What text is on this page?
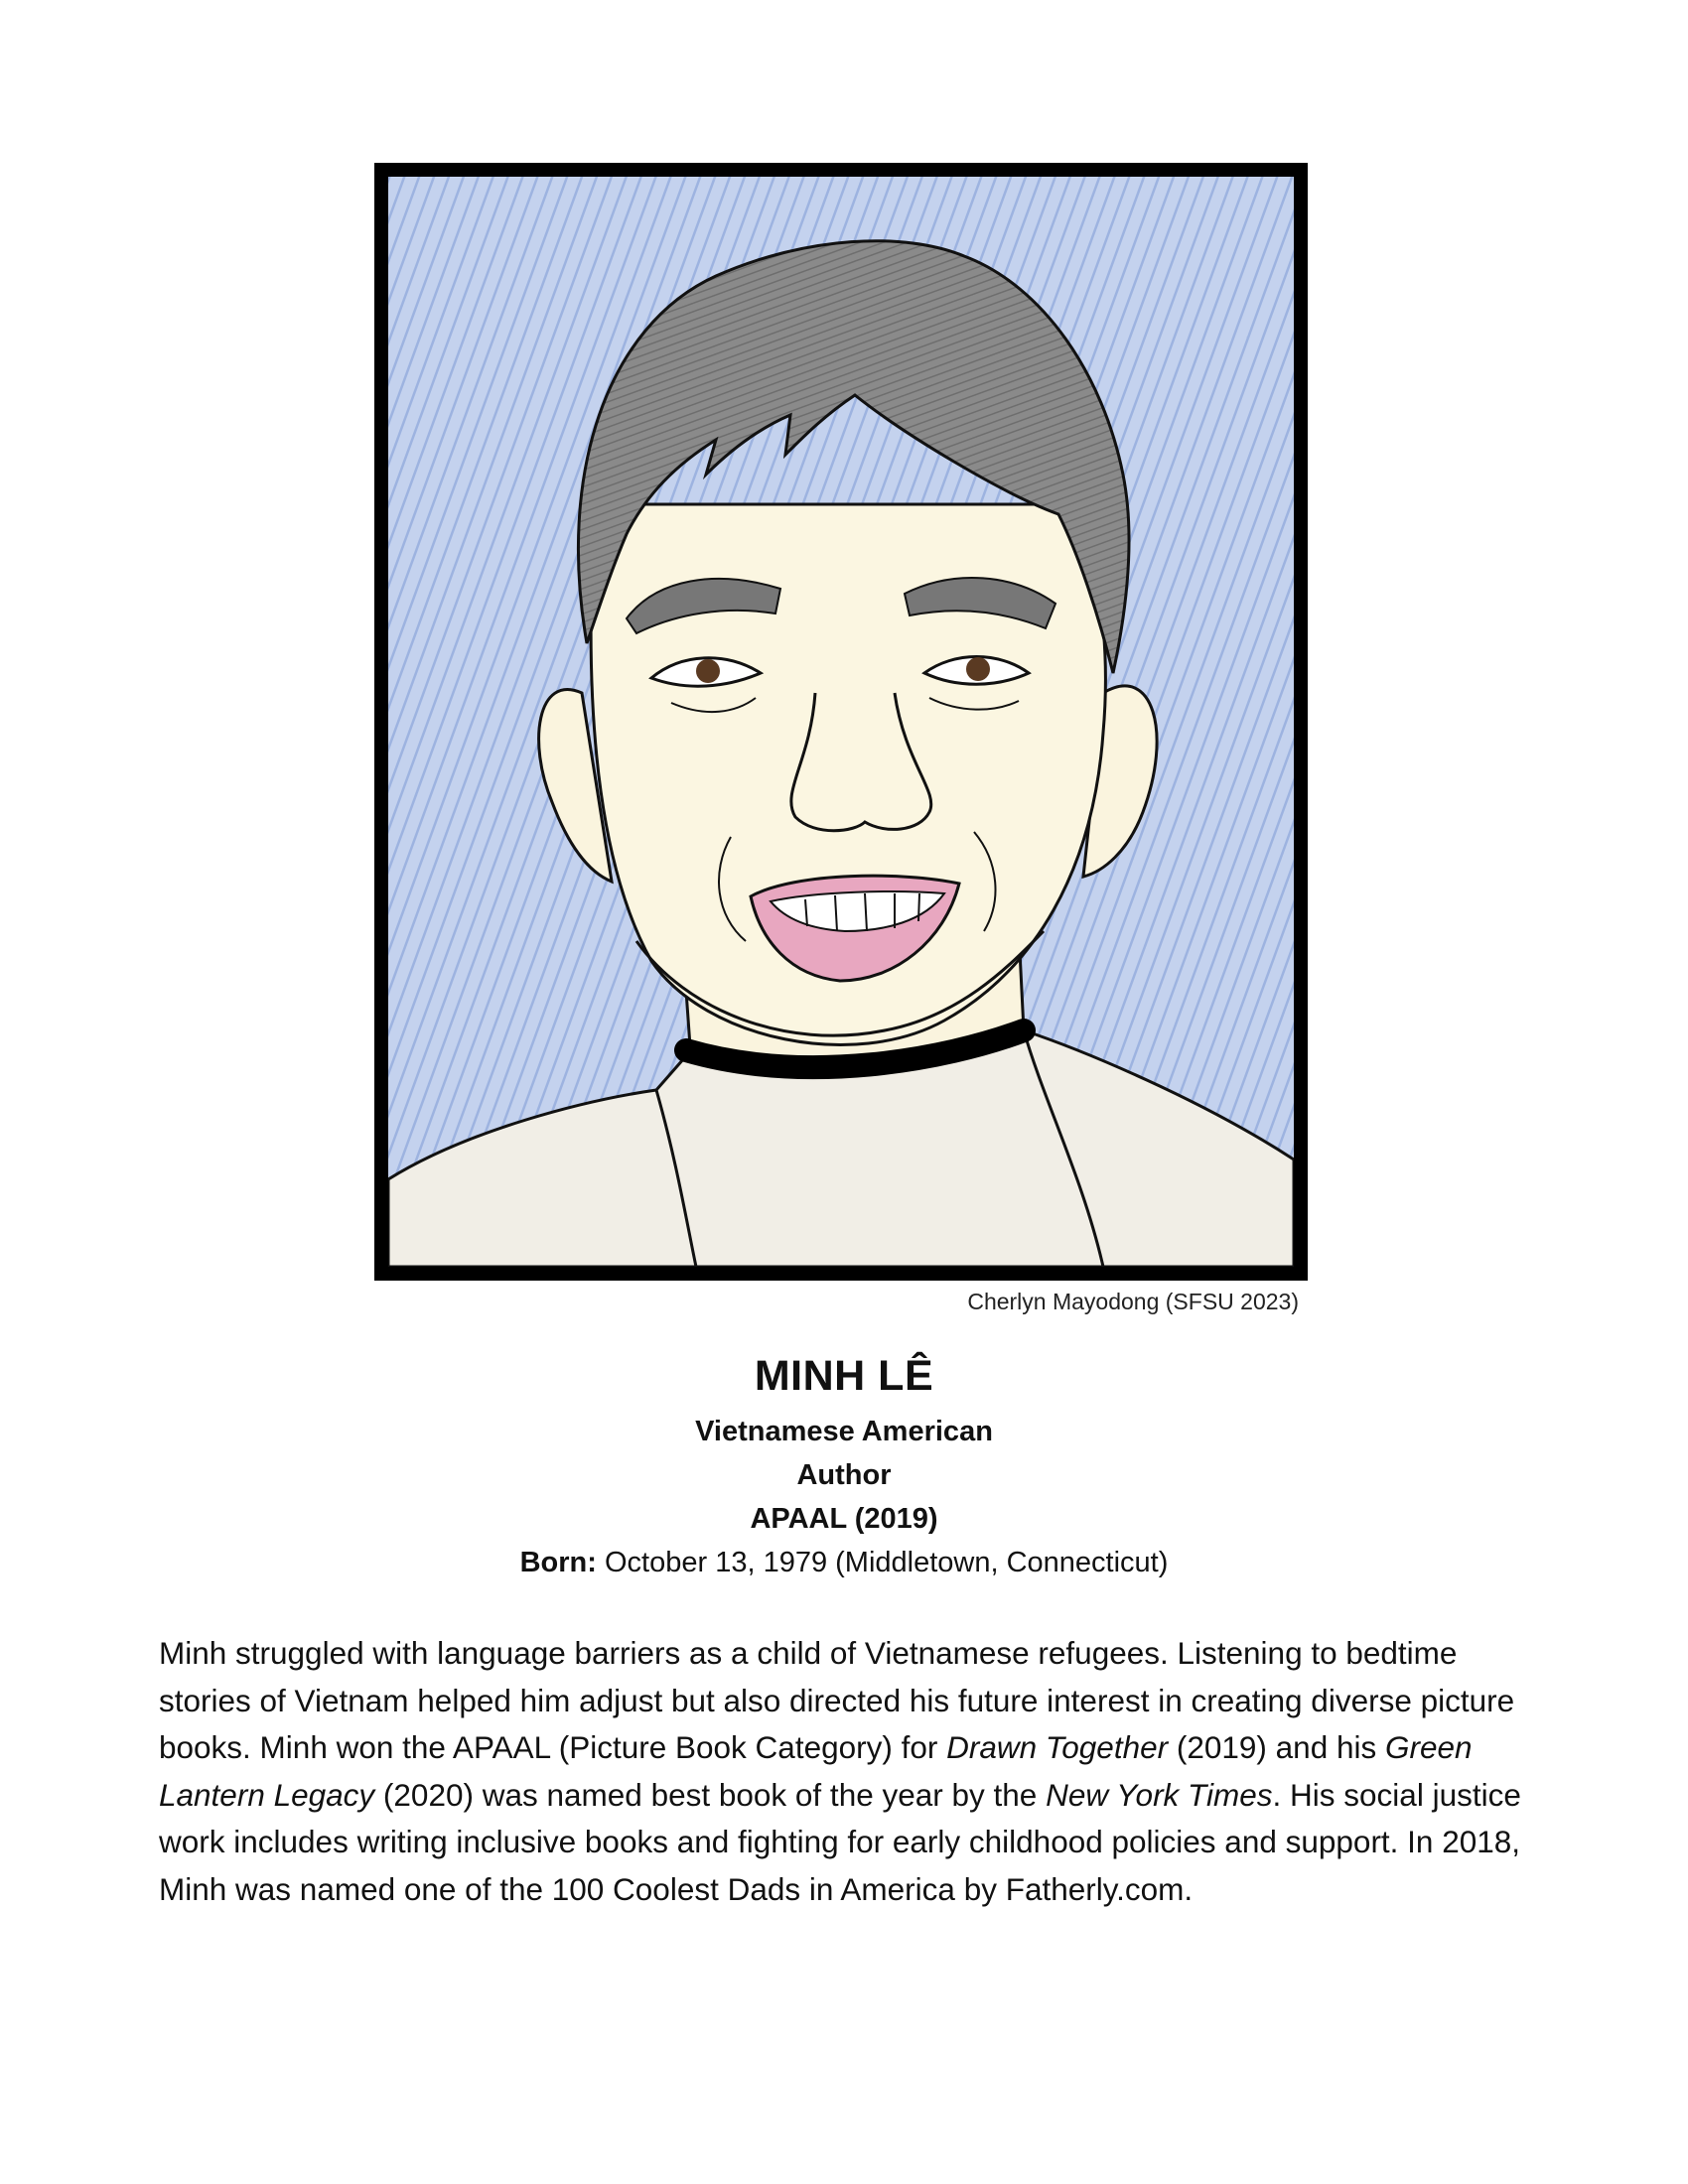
Cherlyn Mayodong (SFSU 2023)
MINH LÊ
Vietnamese American
Author
APAAL (2019)
Born: October 13, 1979 (Middletown, Connecticut)
Minh struggled with language barriers as a child of Vietnamese refugees. Listening to bedtime stories of Vietnam helped him adjust but also directed his future interest in creating diverse picture books. Minh won the APAAL (Picture Book Category) for Drawn Together (2019) and his Green Lantern Legacy (2020) was named best book of the year by the New York Times. His social justice work includes writing inclusive books and fighting for early childhood policies and support. In 2018, Minh was named one of the 100 Coolest Dads in America by Fatherly.com.
